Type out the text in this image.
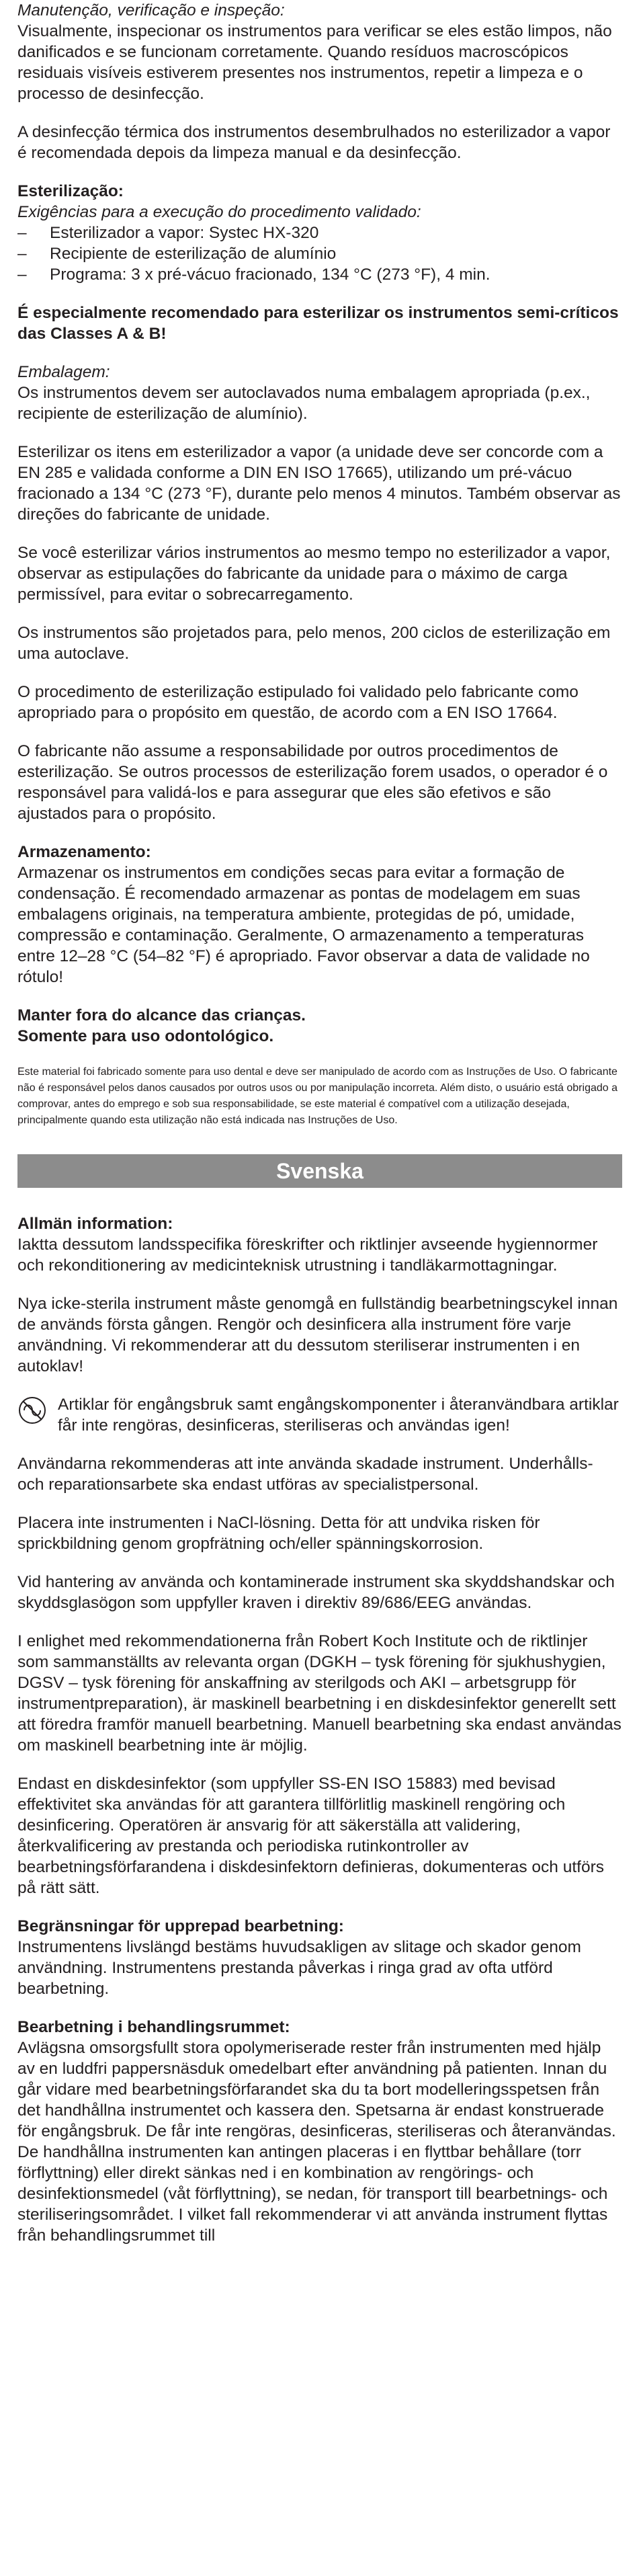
Manutenção, verificação e inspeção:

Visualmente, inspecionar os instrumentos para verificar se eles estão limpos, não danificados e se funcionam corretamente. Quando resíduos macroscópicos residuais visíveis estiverem presentes nos instrumentos, repetir a limpeza e o processo de desinfecção.

A desinfecção térmica dos instrumentos desembrulhados no esterilizador a vapor é recomendada depois da limpeza manual e da desinfecção.

Esterilização:

Exigências para a execução do procedimento validado:

– Esterilizador a vapor: Systec HX-320
– Recipiente de esterilização de alumínio
– Programa: 3 x pré-vácuo fracionado, 134 °C (273 °F), 4 min.

É especialmente recomendado para esterilizar os instrumentos semi-críticos das Classes A & B!

Embalagem:

Os instrumentos devem ser autoclavados numa embalagem apropriada (p.ex., recipiente de esterilização de alumínio).

Esterilizar os itens em esterilizador a vapor (a unidade deve ser concorde com a EN 285 e validada conforme a DIN EN ISO 17665), utilizando um pré-vácuo fracionado a 134 °C (273 °F), durante pelo menos 4 minutos. Também observar as direções do fabricante de unidade.

Se você esterilizar vários instrumentos ao mesmo tempo no esterilizador a vapor, observar as estipulações do fabricante da unidade para o máximo de carga permissível, para evitar o sobrecarregamento.

Os instrumentos são projetados para, pelo menos, 200 ciclos de esterilização em uma autoclave.

O procedimento de esterilização estipulado foi validado pelo fabricante como apropriado para o propósito em questão, de acordo com a EN ISO 17664.

O fabricante não assume a responsabilidade por outros procedimentos de esterilização. Se outros processos de esterilização forem usados, o operador é o responsável para validá-los e para assegurar que eles são efetivos e são ajustados para o propósito.

Armazenamento:

Armazenar os instrumentos em condições secas para evitar a formação de condensação. É recomendado armazenar as pontas de modelagem em suas embalagens originais, na temperatura ambiente, protegidas de pó, umidade, compressão e contaminação. Geralmente, O armazenamento a temperaturas entre 12–28 °C (54–82 °F) é apropriado. Favor observar a data de validade no rótulo!

Manter fora do alcance das crianças.

Somente para uso odontológico.

Este material foi fabricado somente para uso dental e deve ser manipulado de acordo com as Instruções de Uso. O fabricante não é responsável pelos danos causados por outros usos ou por manipulação incorreta. Além disto, o usuário está obrigado a comprovar, antes do emprego e sob sua responsabilidade, se este material é compatível com a utilização desejada, principalmente quando esta utilização não está indicada nas Instruções de Uso.

Svenska

Allmän information:

Iaktta dessutom landsspecifika föreskrifter och riktlinjer avseende hygiennormer och rekonditionering av medicinteknisk utrustning i tandläkarmottagningar.

Nya icke-sterila instrument måste genomgå en fullständig bearbetningscykel innan de används första gången. Rengör och desinficera alla instrument före varje användning. Vi rekommenderar att du dessutom steriliserar instrumenten i en autoklav!

Artiklar för engångsbruk samt engångskomponenter i återanvändbara artiklar får inte rengöras, desinficeras, steriliseras och användas igen!

Användarna rekommenderas att inte använda skadade instrument. Underhålls- och reparationsarbete ska endast utföras av specialistpersonal.

Placera inte instrumenten i NaCl-lösning. Detta för att undvika risken för sprickbildning genom gropfrätning och/eller spänningskorrosion.

Vid hantering av använda och kontaminerade instrument ska skyddshandskar och skyddsglasögon som uppfyller kraven i direktiv 89/686/EEG användas.

I enlighet med rekommendationerna från Robert Koch Institute och de riktlinjer som sammanställts av relevanta organ (DGKH – tysk förening för sjukhushygien, DGSV – tysk förening för anskaffning av sterilgods och AKI – arbetsgrupp för instrumentpreparation), är maskinell bearbetning i en diskdesinfektor generellt sett att föredra framför manuell bearbetning. Manuell bearbetning ska endast användas om maskinell bearbetning inte är möjlig.

Endast en diskdesinfektor (som uppfyller SS-EN ISO 15883) med bevisad effektivitet ska användas för att garantera tillförlitlig maskinell rengöring och desinficering. Operatören är ansvarig för att säkerställa att validering, återkvalificering av prestanda och periodiska rutinkontroller av bearbetningsförfarandena i diskdesinfektorn definieras, dokumenteras och utförs på rätt sätt.

Begränsningar för upprepad bearbetning:

Instrumentens livslängd bestäms huvudsakligen av slitage och skador genom användning. Instrumentens prestanda påverkas i ringa grad av ofta utförd bearbetning.

Bearbetning i behandlingsrummet:

Avlägsna omsorgsfullt stora opolymeriserade rester från instrumenten med hjälp av en luddfri pappersnäsduk omedelbart efter användning på patienten. Innan du går vidare med bearbetningsförfarandet ska du ta bort modelleringsspetsen från det handhållna instrumentet och kassera den. Spetsarna är endast konstruerade för engångsbruk. De får inte rengöras, desinficeras, steriliseras och återanvändas. De handhållna instrumenten kan antingen placeras i en flyttbar behållare (torr förflyttning) eller direkt sänkas ned i en kombination av rengörings- och desinfektionsmedel (våt förflyttning), se nedan, för transport till bearbetnings- och steriliseringsområdet. I vilket fall rekommenderar vi att använda instrument flyttas från behandlingsrummet till
